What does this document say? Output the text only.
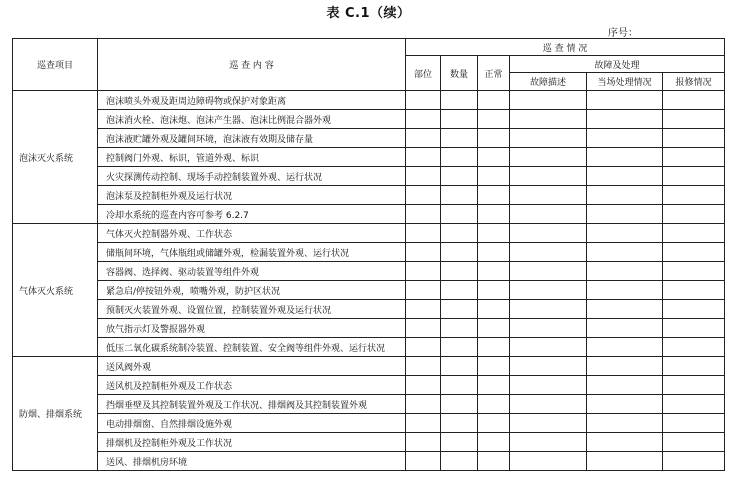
表 C.1（续）
序号：
巡查项目	巡 查 内 容	巡 查 情 况					
		部位	数量	正常	故障及处理		
					故障描述	当场处理情况	报修情况
泡沫灭火系统	泡沫喷头外观及距周边障碍物或保护对象距离						
	泡沫消火栓、泡沫炮、泡沫产生器、泡沫比例混合器外观						
	泡沫液贮罐外观及罐间环境，泡沫液有效期及储存量						
	控制阀门外观、标识，管道外观、标识						
	火灾探测传动控制、现场手动控制装置外观、运行状况						
	泡沫泵及控制柜外观及运行状况						
	冷却水系统的巡查内容可参考 6.2.7						
气体灭火系统	气体灭火控制器外观、工作状态						
	储瓶间环境，气体瓶组或储罐外观，检漏装置外观、运行状况						
	容器阀、选择阀、驱动装置等组件外观						
	紧急启/停按钮外观，喷嘴外观，防护区状况						
	预制灭火装置外观、设置位置，控制装置外观及运行状况						
	放气指示灯及警报器外观						
	低压二氧化碳系统制冷装置、控制装置、安全阀等组件外观、运行状况						
防烟、排烟系统	送风阀外观						
	送风机及控制柜外观及工作状态						
	挡烟垂壁及其控制装置外观及工作状况、排烟阀及其控制装置外观						
	电动排烟窗、自然排烟设施外观						
	排烟机及控制柜外观及工作状况						
	送风、排烟机房环境						
